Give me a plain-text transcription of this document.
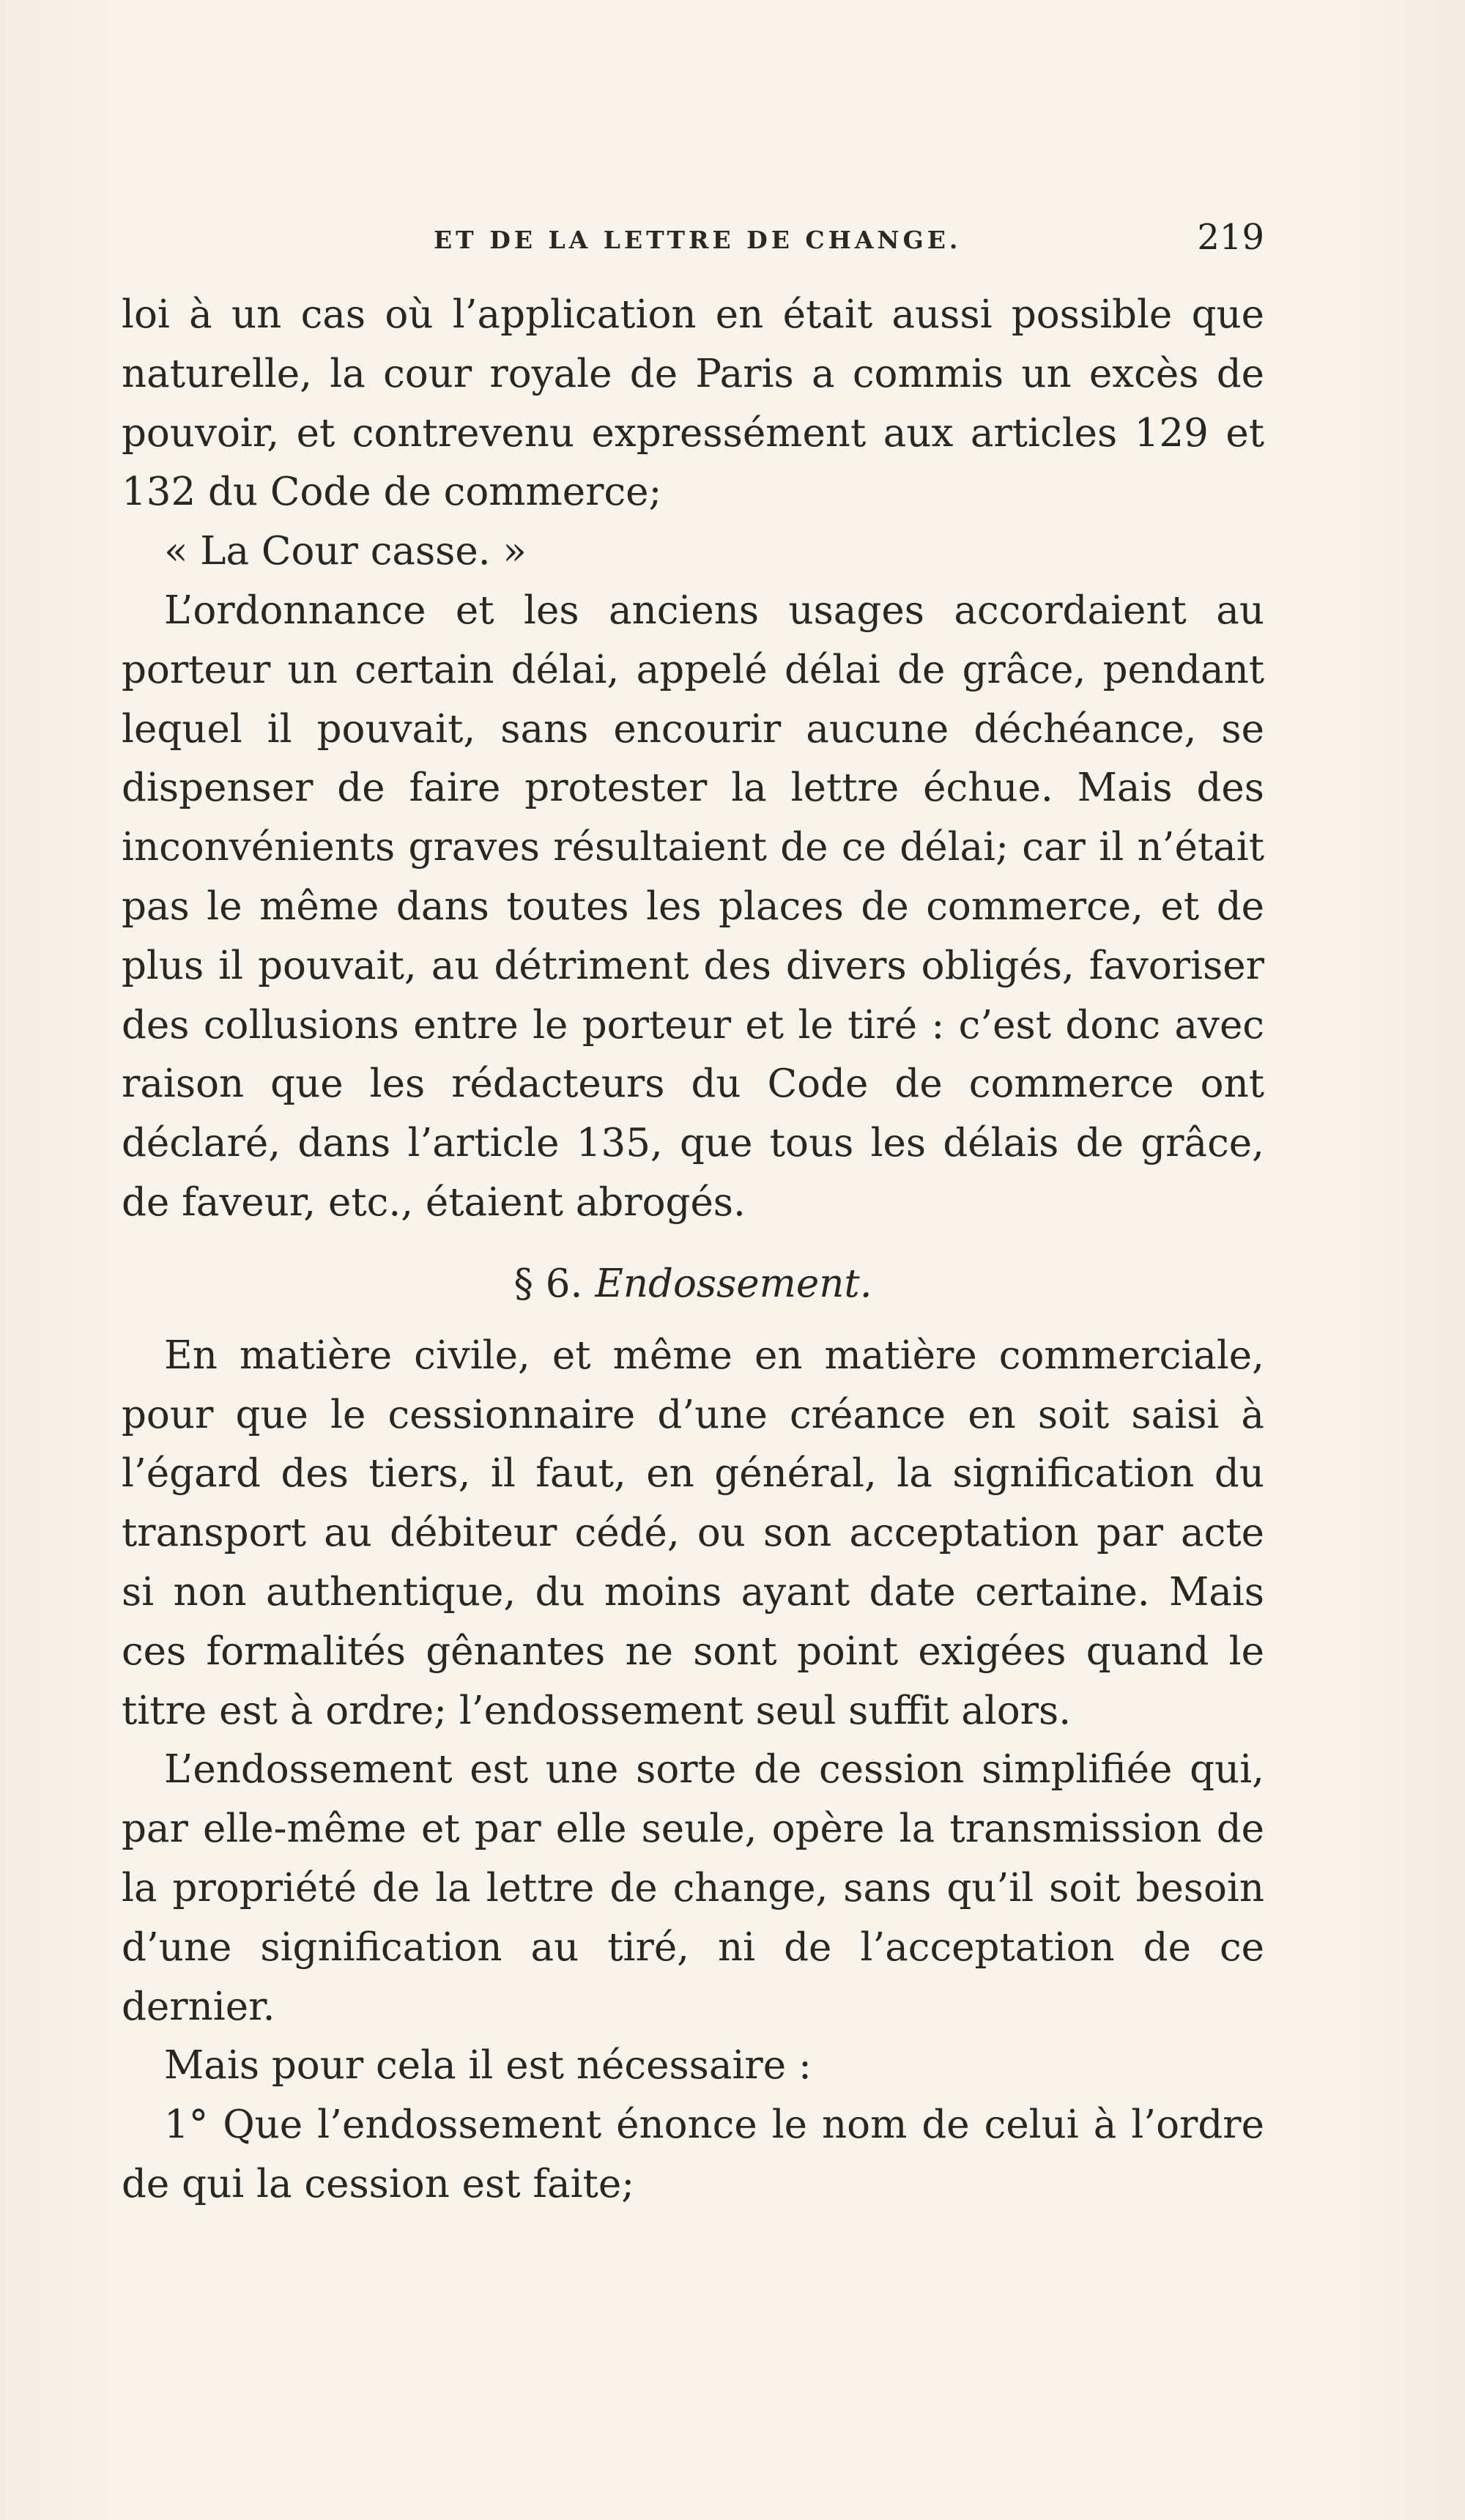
ET DE LA LETTRE DE CHANGE.	219

loi à un cas où l’application en était aussi possible que naturelle, la cour royale de Paris a commis un excès de pouvoir, et contrevenu expressément aux articles 129 et 132 du Code de commerce;

« La Cour casse. »

L’ordonnance et les anciens usages accordaient au porteur un certain délai, appelé délai de grâce, pendant lequel il pouvait, sans encourir aucune déchéance, se dispenser de faire protester la lettre échue. Mais des inconvénients graves résultaient de ce délai; car il n’était pas le même dans toutes les places de commerce, et de plus il pouvait, au détriment des divers obligés, favoriser des collusions entre le porteur et le tiré : c’est donc avec raison que les rédacteurs du Code de commerce ont déclaré, dans l’article 135, que tous les délais de grâce, de faveur, etc., étaient abrogés.

§ 6. Endossement.

En matière civile, et même en matière commerciale, pour que le cessionnaire d’une créance en soit saisi à l’égard des tiers, il faut, en général, la signification du transport au débiteur cédé, ou son acceptation par acte si non authentique, du moins ayant date certaine. Mais ces formalités gênantes ne sont point exigées quand le titre est à ordre; l’endossement seul suffit alors.

L’endossement est une sorte de cession simplifiée qui, par elle-même et par elle seule, opère la transmission de la propriété de la lettre de change, sans qu’il soit besoin d’une signification au tiré, ni de l’acceptation de ce dernier.

Mais pour cela il est nécessaire :

1° Que l’endossement énonce le nom de celui à l’ordre de qui la cession est faite;
